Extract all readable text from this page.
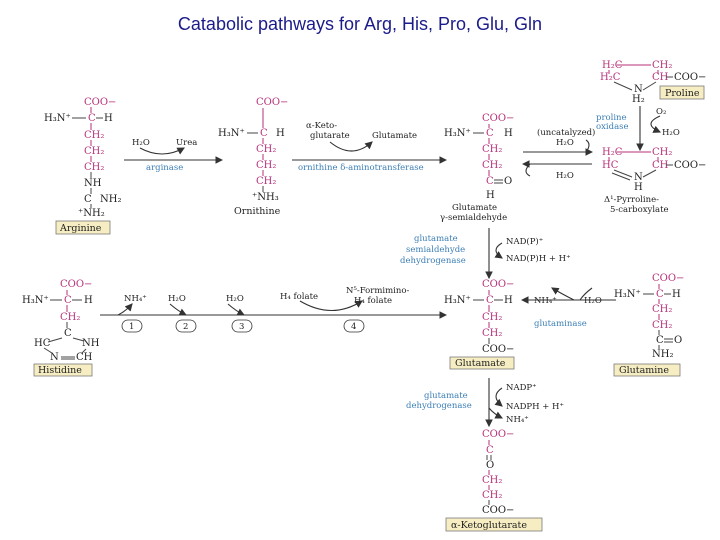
Catabolic pathways for Arg, His, Pro, Glu, Gln
COO−
H₃N⁺ C H
CH₂
CH₂
CH₂
NH
C NH₂
⁺NH₂
Arginine
H₂O	Urea
arginase
COO−
H₃N⁺ C H
CH₂
CH₂
CH₂
⁺NH₃
Ornithine
α-Keto-
glutarate	Glutamate
ornithine δ-aminotransferase
COO−
H₃N⁺ C H
CH₂
CH₂
C O
H
Glutamate
γ-semialdehyde
(uncatalyzed)
H₂O
H₂O
H₂C	CH₂
H₂C	CH COO−
N
H₂
Proline
proline
oxidase
O₂
H₂O
H₂C	CH₂
HC	CH COO−
N
H
Δ¹-Pyrroline-
5-carboxylate
glutamate
semialdehyde
dehydrogenase
NAD(P)⁺
NAD(P)H + H⁺
COO−
H₃N⁺ C H
CH₂
C
HC	NH
N CH
Histidine
NH₄⁺	H₂O	H₂O	H₄ folate
N⁵-Formimino-
H₄ folate
1	2	3	4
COO−
H₃N⁺ C H
CH₂
CH₂
COO−
Glutamate
NH₄⁺	H₂O
glutaminase
COO−
H₃N⁺ C H
CH₂
CH₂
C O
NH₂
Glutamine
glutamate
dehydrogenase
NADP⁺
NADPH + H⁺
NH₄⁺
COO−
C
O
CH₂
CH₂
COO−
α-Ketoglutarate
